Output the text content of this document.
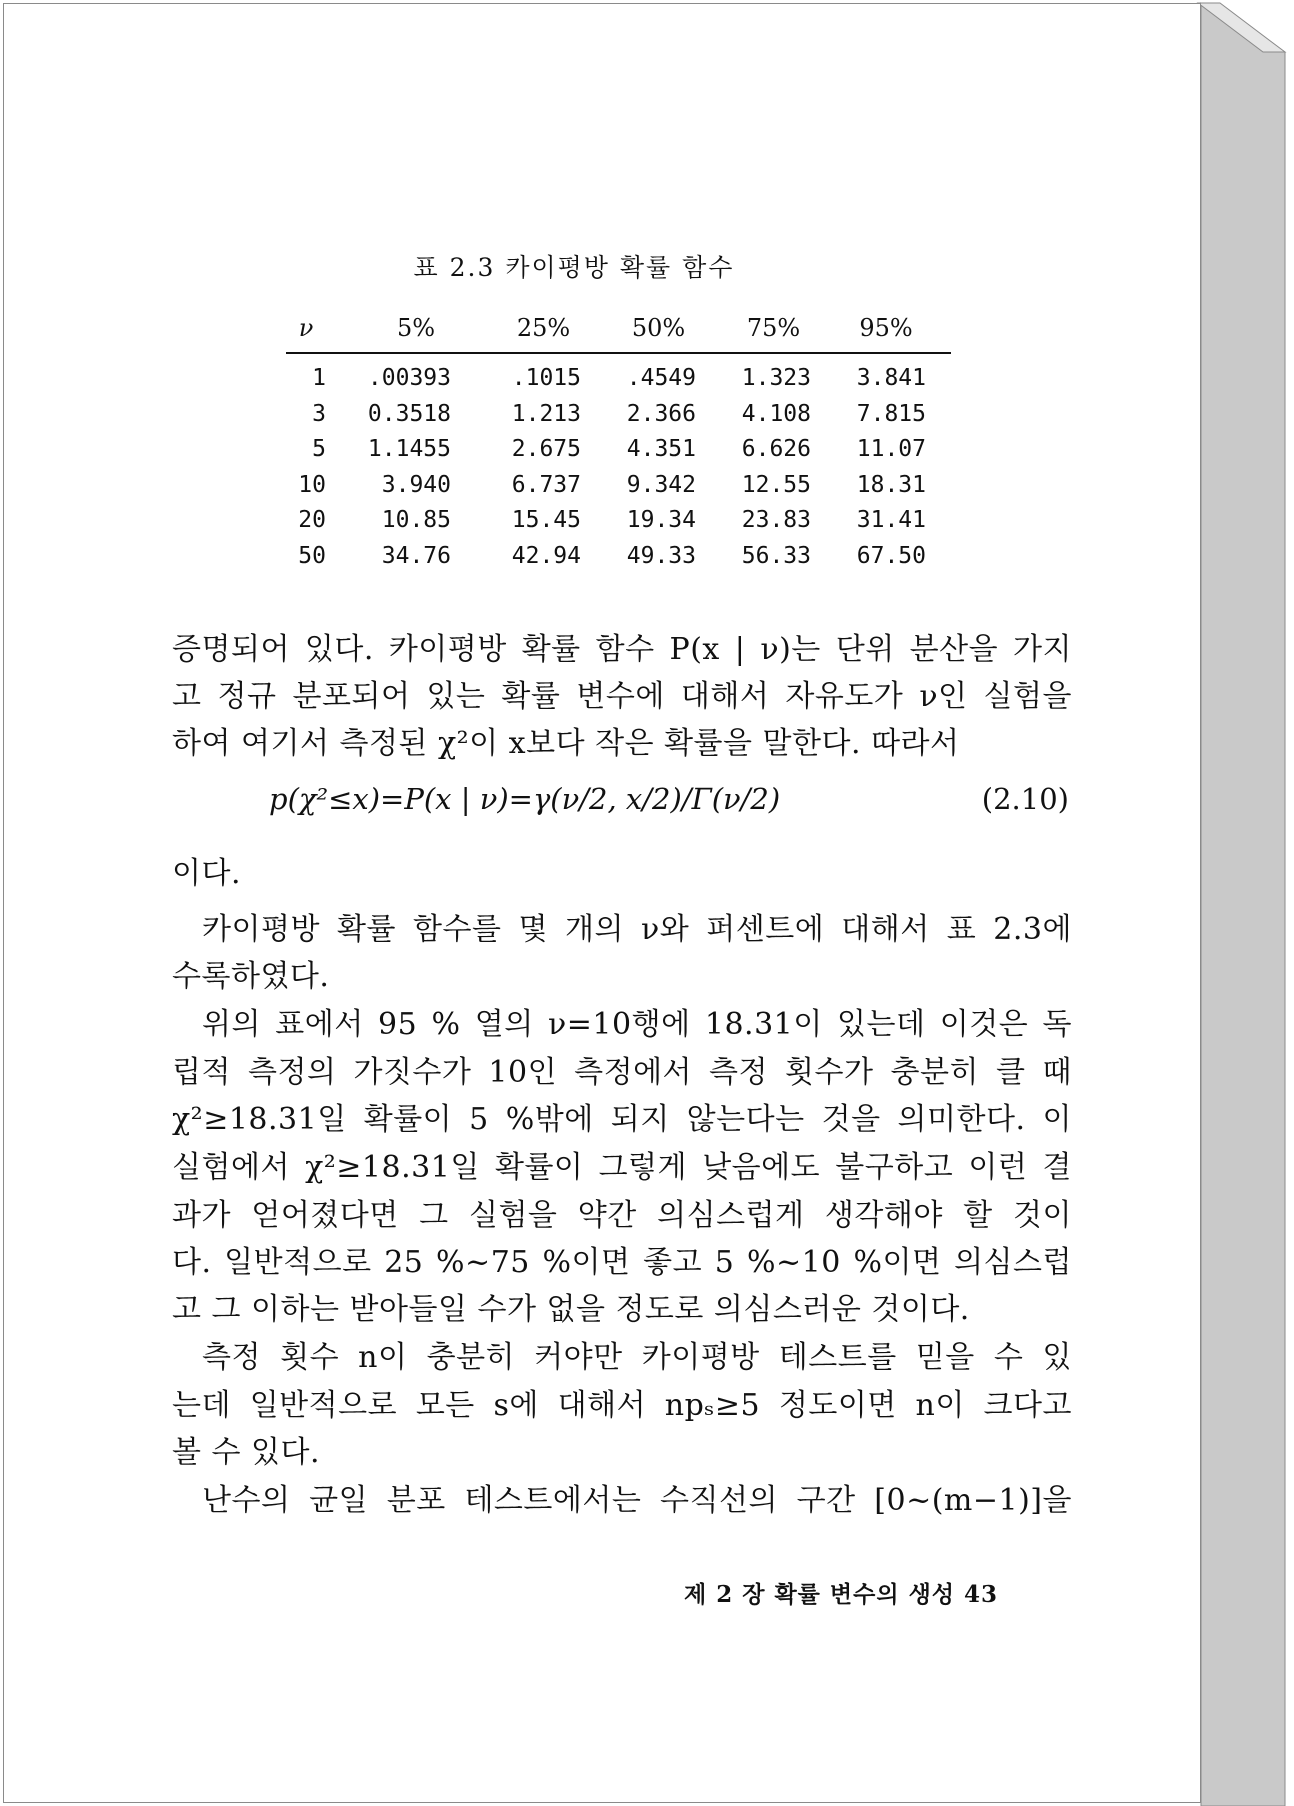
표 2.3 카이평방 확률 함수
ν	5%	25%	50%	75%	95%
1	.00393	.1015	.4549	1.323	3.841
3	0.3518	1.213	2.366	4.108	7.815
5	1.1455	2.675	4.351	6.626	11.07
10	3.940	6.737	9.342	12.55	18.31
20	10.85	15.45	19.34	23.83	31.41
50	34.76	42.94	49.33	56.33	67.50
증명되어 있다. 카이평방 확률 함수 P(x | ν)는 단위 분산을 가지
고 정규 분포되어 있는 확률 변수에 대해서 자유도가 ν인 실험을
하여 여기서 측정된 χ²이 x보다 작은 확률을 말한다. 따라서
p(χ²≤x)=P(x | ν)=γ(ν/2, x/2)/Γ(ν/2)	(2.10)
이다.
카이평방 확률 함수를 몇 개의 ν와 퍼센트에 대해서 표 2.3에
수록하였다.
위의 표에서 95 % 열의 ν=10행에 18.31이 있는데 이것은 독
립적 측정의 가짓수가 10인 측정에서 측정 횟수가 충분히 클 때
χ²≥18.31일 확률이 5 %밖에 되지 않는다는 것을 의미한다. 이
실험에서 χ²≥18.31일 확률이 그렇게 낮음에도 불구하고 이런 결
과가 얻어졌다면 그 실험을 약간 의심스럽게 생각해야 할 것이
다. 일반적으로 25 %~75 %이면 좋고 5 %~10 %이면 의심스럽
고 그 이하는 받아들일 수가 없을 정도로 의심스러운 것이다.
측정 횟수 n이 충분히 커야만 카이평방 테스트를 믿을 수 있
는데 일반적으로 모든 s에 대해서 npₛ≥5 정도이면 n이 크다고
볼 수 있다.
난수의 균일 분포 테스트에서는 수직선의 구간 [0~(m−1)]을
제 2 장 확률 변수의 생성 43
